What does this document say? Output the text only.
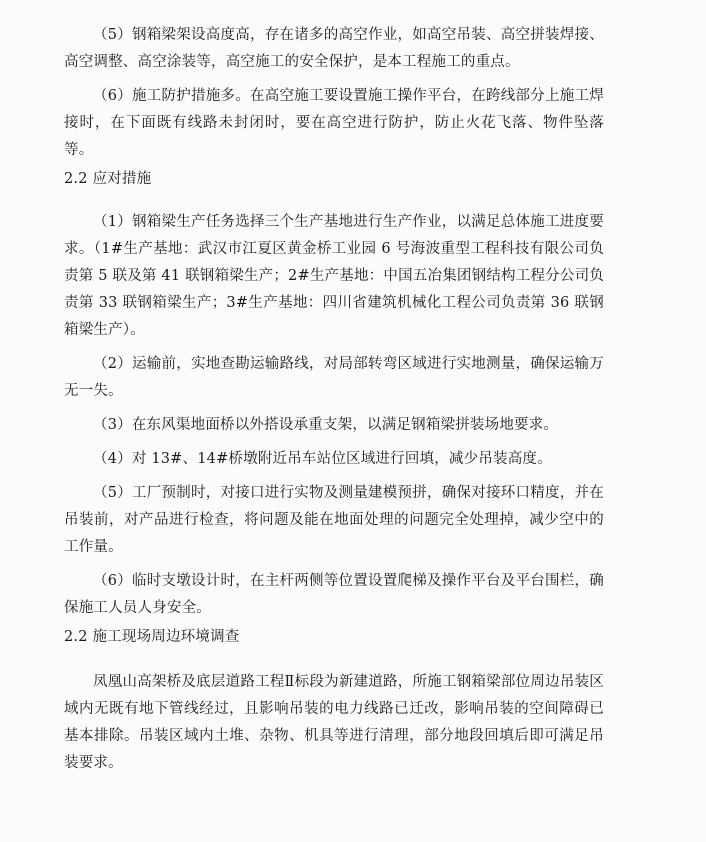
（5）钢箱梁架设高度高，存在诸多的高空作业，如高空吊装、高空拼装焊接、高空调整、高空涂装等，高空施工的安全保护，是本工程施工的重点。

（6）施工防护措施多。在高空施工要设置施工操作平台，在跨线部分上施工焊接时，在下面既有线路未封闭时，要在高空进行防护，防止火花飞落、物件坠落等。

2.2 应对措施

（1）钢箱梁生产任务选择三个生产基地进行生产作业，以满足总体施工进度要求。（1#生产基地：武汉市江夏区黄金桥工业园 6 号海波重型工程科技有限公司负责第 5 联及第 41 联钢箱梁生产；2#生产基地：中国五冶集团钢结构工程分公司负责第 33 联钢箱梁生产；3#生产基地：四川省建筑机械化工程公司负责第 36 联钢箱梁生产）。

（2）运输前，实地查勘运输路线，对局部转弯区域进行实地测量，确保运输万无一失。

（3）在东风渠地面桥以外搭设承重支架，以满足钢箱梁拼装场地要求。

（4）对 13#、14#桥墩附近吊车站位区域进行回填，减少吊装高度。

（5）工厂预制时，对接口进行实物及测量建模预拼，确保对接环口精度，并在吊装前，对产品进行检查，将问题及能在地面处理的问题完全处理掉，减少空中的工作量。

（6）临时支墩设计时，在主杆两侧等位置设置爬梯及操作平台及平台围栏，确保施工人员人身安全。

2.2 施工现场周边环境调查

凤凰山高架桥及底层道路工程Ⅱ标段为新建道路，所施工钢箱梁部位周边吊装区域内无既有地下管线经过，且影响吊装的电力线路已迁改，影响吊装的空间障碍已基本排除。吊装区域内土堆、杂物、机具等进行清理，部分地段回填后即可满足吊装要求。
